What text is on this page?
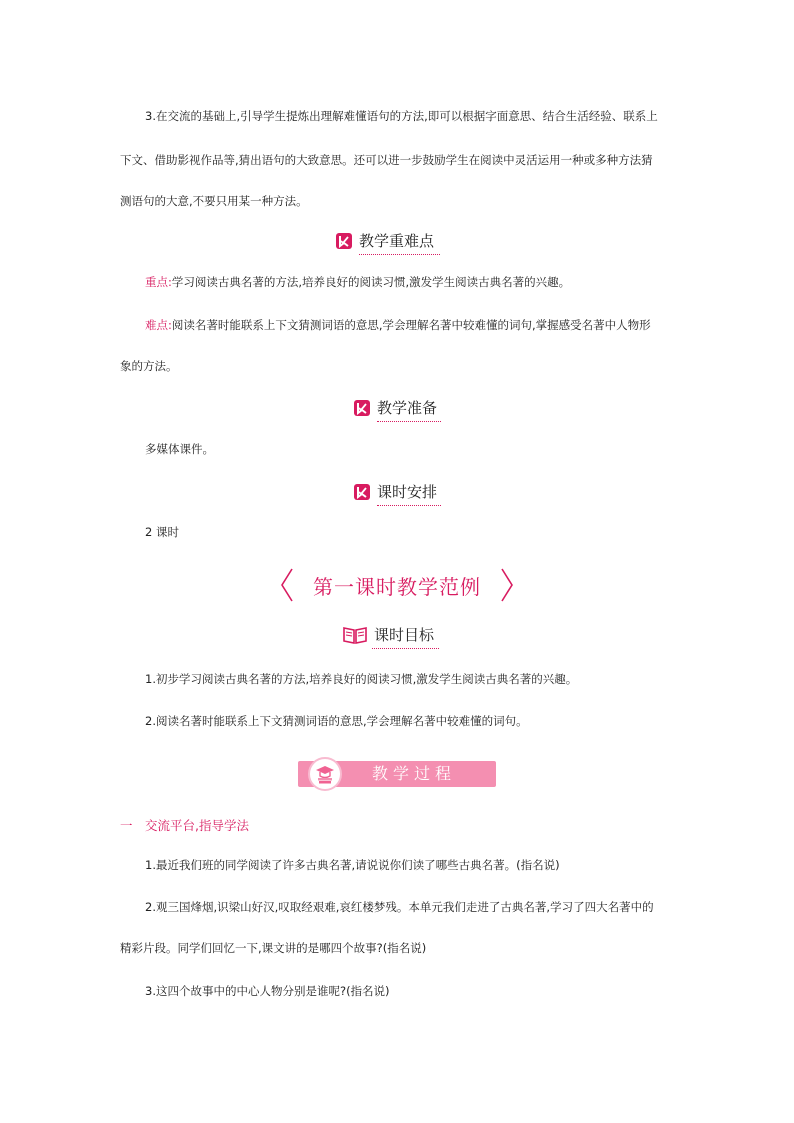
3.在交流的基础上,引导学生提炼出理解难懂语句的方法,即可以根据字面意思、结合生活经验、联系上
下文、借助影视作品等,猜出语句的大致意思。还可以进一步鼓励学生在阅读中灵活运用一种或多种方法猜
测语句的大意,不要只用某一种方法。
教学重难点
重点:学习阅读古典名著的方法,培养良好的阅读习惯,激发学生阅读古典名著的兴趣。
难点:阅读名著时能联系上下文猜测词语的意思,学会理解名著中较难懂的词句,掌握感受名著中人物形
象的方法。
教学准备
多媒体课件。
课时安排
2 课时
第一课时教学范例
课时目标
1.初步学习阅读古典名著的方法,培养良好的阅读习惯,激发学生阅读古典名著的兴趣。
2.阅读名著时能联系上下文猜测词语的意思,学会理解名著中较难懂的词句。
教学过程
一　交流平台,指导学法
1.最近我们班的同学阅读了许多古典名著,请说说你们读了哪些古典名著。(指名说)
2.观三国烽烟,识梁山好汉,叹取经艰难,哀红楼梦残。本单元我们走进了古典名著,学习了四大名著中的
精彩片段。同学们回忆一下,课文讲的是哪四个故事?(指名说)
3.这四个故事中的中心人物分别是谁呢?(指名说)
